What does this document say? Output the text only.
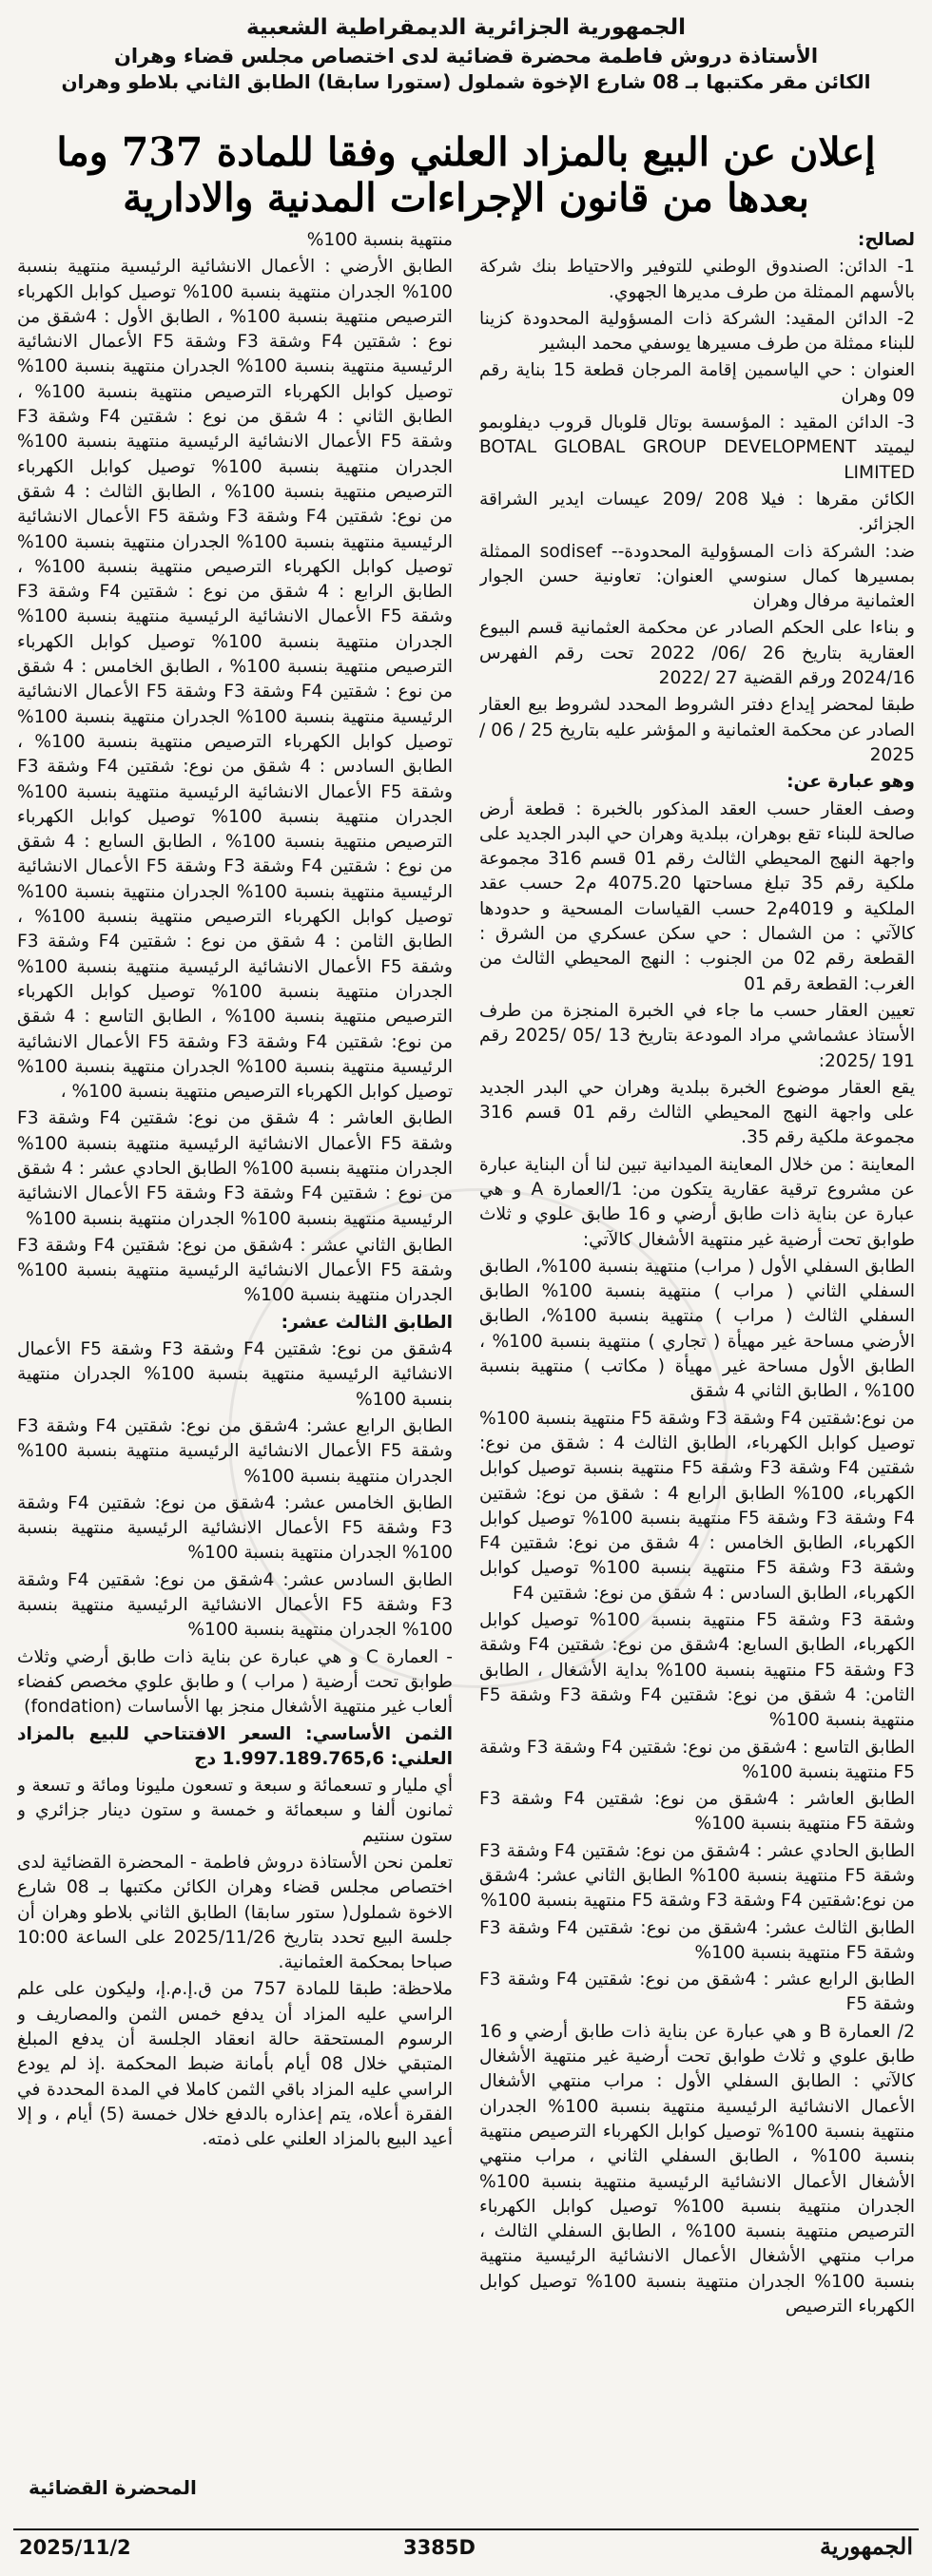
الجمهورية الجزائرية الديمقراطية الشعبية
الأستاذة دروش فاطمة محضرة قضائية لدى اختصاص مجلس قضاء وهران
الكائن مقر مكتبها بـ 08 شارع الإخوة شملول (ستورا سابقا) الطابق الثاني بلاطو وهران
إعلان عن البيع بالمزاد العلني وفقا للمادة 737 وما
بعدها من قانون الإجراءات المدنية والادارية

لصالح:

1- الدائن: الصندوق الوطني للتوفير والاحتياط بنك شركة بالأسهم الممثلة من طرف مديرها الجهوي.

2- الدائن المقيد: الشركة ذات المسؤولية المحدودة كزينا للبناء ممثلة من طرف مسيرها يوسفي محمد البشير

العنوان : حي الياسمين إقامة المرجان قطعة 15 بناية رقم 09 وهران

3- الدائن المقيد : المؤسسة بوتال قلوبال قروب ديفلوبمو ليميتد BOTAL GLOBAL GROUP DEVELOPMENT LIMITED

الكائن مقرها : فيلا 208 /209 عيسات ايدير الشراقة الجزائر.

ضد: الشركة ذات المسؤولية المحدودة-- sodisef الممثلة بمسيرها كمال سنوسي العنوان: تعاونية حسن الجوار العثمانية مرفال وهران

و بناءا على الحكم الصادر عن محكمة العثمانية قسم البيوع العقارية بتاريخ 26 /06/ 2022 تحت رقم الفهرس 2024/16 ورقم القضية 27 /2022

طبقا لمحضر إيداع دفتر الشروط المحدد لشروط بيع العقار الصادر عن محكمة العثمانية و المؤشر عليه بتاريخ 25 / 06 / 2025

وهو عبارة عن:

وصف العقار حسب العقد المذكور بالخبرة : قطعة أرض صالحة للبناء تقع بوهران، ببلدية وهران حي البدر الجديد على واجهة النهج المحيطي الثالث رقم 01 قسم 316 مجموعة ملكية رقم 35 تبلغ مساحتها 4075.20 م2 حسب عقد الملكية و 4019م2 حسب القياسات المسحية و حدودها كالآتي : من الشمال : حي سكن عسكري من الشرق : القطعة رقم 02 من الجنوب : النهج المحيطي الثالث من الغرب: القطعة رقم 01

تعيين العقار حسب ما جاء في الخبرة المنجزة من طرف الأستاذ عشماشي مراد المودعة بتاريخ 13 /05 /2025 رقم 191 /2025:

يقع العقار موضوع الخبرة ببلدية وهران حي البدر الجديد على واجهة النهج المحيطي الثالث رقم 01 قسم 316 مجموعة ملكية رقم 35.

المعاينة : من خلال المعاينة الميدانية تبين لنا أن البناية عبارة عن مشروع ترقية عقارية يتكون من: 1/العمارة A و هي عبارة عن بناية ذات طابق أرضي و 16 طابق علوي و ثلاث طوابق تحت أرضية غير منتهية الأشغال كالآتي:

الطابق السفلي الأول ( مراب) منتهية بنسبة 100%، الطابق السفلي الثاني ( مراب ) منتهية بنسبة 100% الطابق السفلي الثالث ( مراب ) منتهية بنسبة 100%، الطابق الأرضي مساحة غير مهيأة ( تجاري ) منتهية بنسبة 100% ، الطابق الأول مساحة غير مهيأة ( مكاتب ) منتهية بنسبة 100% ، الطابق الثاني 4 شقق

من نوع:شقتين F4 وشقة F3 وشقة F5 منتهية بنسبة 100% توصيل كوابل الكهرباء، الطابق الثالث 4 : شقق من نوع: شقتين F4 وشقة F3 وشقة F5 منتهية بنسبة توصيل كوابل الكهرباء، 100% الطابق الرابع 4 : شقق من نوع: شقتين F4 وشقة F3 وشقة F5 منتهية بنسبة 100% توصيل كوابل الكهرباء، الطابق الخامس : 4 شقق من نوع: شقتين F4 وشقة F3 وشقة F5 منتهية بنسبة 100% توصيل كوابل الكهرباء، الطابق السادس : 4 شقق من نوع: شقتين F4

وشقة F3 وشقة F5 منتهية بنسبة 100% توصيل كوابل الكهرباء، الطابق السابع: 4شقق من نوع: شقتين F4 وشقة F3 وشقة F5 منتهية بنسبة 100% بداية الأشغال ، الطابق الثامن: 4 شقق من نوع: شقتين F4 وشقة F3 وشقة F5 منتهية بنسبة 100%

الطابق التاسع : 4شقق من نوع: شقتين F4 وشقة F3 وشقة F5 منتهية بنسبة 100%

الطابق العاشر : 4شقق من نوع: شقتين F4 وشقة F3 وشقة F5 منتهية بنسبة 100%

الطابق الحادي عشر : 4شقق من نوع: شقتين F4 وشقة F3 وشقة F5 منتهية بنسبة 100% الطابق الثاني عشر: 4شقق من نوع:شقتين F4 وشقة F3 وشقة F5 منتهية بنسبة 100%

الطابق الثالث عشر: 4شقق من نوع: شقتين F4 وشقة F3 وشقة F5 منتهية بنسبة 100%

الطابق الرابع عشر : 4شقق من نوع: شقتين F4 وشقة F3 وشقة F5

2/ العمارة B و هي عبارة عن بناية ذات طابق أرضي و 16 طابق علوي و ثلاث طوابق تحت أرضية غير منتهية الأشغال كالآتي : الطابق السفلي الأول : مراب منتهي الأشغال الأعمال الانشائية الرئيسية منتهية بنسبة 100% الجدران منتهية بنسبة 100% توصيل كوابل الكهرباء الترصيص منتهية بنسبة 100% ، الطابق السفلي الثاني ، مراب منتهي الأشغال الأعمال الانشائية الرئيسية منتهية بنسبة 100% الجدران منتهية بنسبة 100% توصيل كوابل الكهرباء الترصيص منتهية بنسبة 100% ، الطابق السفلي الثالث ، مراب منتهي الأشغال الأعمال الانشائية الرئيسية منتهية بنسبة 100% الجدران منتهية بنسبة 100% توصيل كوابل الكهرباء الترصيص

منتهية بنسبة 100%

الطابق الأرضي : الأعمال الانشائية الرئيسية منتهية بنسبة 100% الجدران منتهية بنسبة 100% توصيل كوابل الكهرباء الترصيص منتهية بنسبة 100% ، الطابق الأول : 4شقق من نوع : شقتين F4 وشقة F3 وشقة F5 الأعمال الانشائية الرئيسية منتهية بنسبة 100% الجدران منتهية بنسبة 100% توصيل كوابل الكهرباء الترصيص منتهية بنسبة 100% ، الطابق الثاني : 4 شقق من نوع : شقتين F4 وشقة F3 وشقة F5 الأعمال الانشائية الرئيسية منتهية بنسبة 100% الجدران منتهية بنسبة 100% توصيل كوابل الكهرباء الترصيص منتهية بنسبة 100% ، الطابق الثالث : 4 شقق من نوع: شقتين F4 وشقة F3 وشقة F5 الأعمال الانشائية الرئيسية منتهية بنسبة 100% الجدران منتهية بنسبة 100% توصيل كوابل الكهرباء الترصيص منتهية بنسبة 100% ، الطابق الرابع : 4 شقق من نوع : شقتين F4 وشقة F3 وشقة F5 الأعمال الانشائية الرئيسية منتهية بنسبة 100% الجدران منتهية بنسبة 100% توصيل كوابل الكهرباء الترصيص منتهية بنسبة 100% ، الطابق الخامس : 4 شقق من نوع : شقتين F4 وشقة F3 وشقة F5 الأعمال الانشائية الرئيسية منتهية بنسبة 100% الجدران منتهية بنسبة 100% توصيل كوابل الكهرباء الترصيص منتهية بنسبة 100% ، الطابق السادس : 4 شقق من نوع: شقتين F4 وشقة F3 وشقة F5 الأعمال الانشائية الرئيسية منتهية بنسبة 100% الجدران منتهية بنسبة 100% توصيل كوابل الكهرباء الترصيص منتهية بنسبة 100% ، الطابق السابع : 4 شقق من نوع : شقتين F4 وشقة F3 وشقة F5 الأعمال الانشائية الرئيسية منتهية بنسبة 100% الجدران منتهية بنسبة 100% توصيل كوابل الكهرباء الترصيص منتهية بنسبة 100% ، الطابق الثامن : 4 شقق من نوع : شقتين F4 وشقة F3 وشقة F5 الأعمال الانشائية الرئيسية منتهية بنسبة 100% الجدران منتهية بنسبة 100% توصيل كوابل الكهرباء الترصيص منتهية بنسبة 100% ، الطابق التاسع : 4 شقق من نوع: شقتين F4 وشقة F3 وشقة F5 الأعمال الانشائية الرئيسية منتهية بنسبة 100% الجدران منتهية بنسبة 100% توصيل كوابل الكهرباء الترصيص منتهية بنسبة 100% ،

الطابق العاشر : 4 شقق من نوع: شقتين F4 وشقة F3 وشقة F5 الأعمال الانشائية الرئيسية منتهية بنسبة 100% الجدران منتهية بنسبة 100% الطابق الحادي عشر : 4 شقق من نوع : شقتين F4 وشقة F3 وشقة F5 الأعمال الانشائية الرئيسية منتهية بنسبة 100% الجدران منتهية بنسبة 100%

الطابق الثاني عشر : 4شقق من نوع: شقتين F4 وشقة F3 وشقة F5 الأعمال الانشائية الرئيسية منتهية بنسبة 100% الجدران منتهية بنسبة 100%

الطابق الثالث عشر:

4شقق من نوع: شقتين F4 وشقة F3 وشقة F5 الأعمال الانشائية الرئيسية منتهية بنسبة 100% الجدران منتهية بنسبة 100%

الطابق الرابع عشر: 4شقق من نوع: شقتين F4 وشقة F3 وشقة F5 الأعمال الانشائية الرئيسية منتهية بنسبة 100% الجدران منتهية بنسبة 100%

الطابق الخامس عشر: 4شقق من نوع: شقتين F4 وشقة F3 وشقة F5 الأعمال الانشائية الرئيسية منتهية بنسبة 100% الجدران منتهية بنسبة 100%

الطابق السادس عشر: 4شقق من نوع: شقتين F4 وشقة F3 وشقة F5 الأعمال الانشائية الرئيسية منتهية بنسبة 100% الجدران منتهية بنسبة 100%

- العمارة C و هي عبارة عن بناية ذات طابق أرضي وثلاث طوابق تحت أرضية ( مراب ) و طابق علوي مخصص كفضاء ألعاب غير منتهية الأشغال منجز بها الأساسات (fondation)

الثمن الأساسي: السعر الافتتاحي للبيع بالمزاد العلني: 1.997.189.765,6 دج

أي مليار و تسعمائة و سبعة و تسعون مليونا ومائة و تسعة و ثمانون ألفا و سبعمائة و خمسة و ستون دينار جزائري و ستون سنتيم

تعلمن نحن الأستاذة دروش فاطمة - المحضرة القضائية لدى اختصاص مجلس قضاء وهران الكائن مكتبها بـ 08 شارع الاخوة شملول( ستور سابقا) الطابق الثاني بلاطو وهران أن جلسة البيع تحدد بتاريخ 2025/11/26 على الساعة 10:00 صباحا بمحكمة العثمانية.

ملاحظة: طبقا للمادة 757 من ق.إ.م.إ، وليكون على علم الراسي عليه المزاد أن يدفع خمس الثمن والمصاريف و الرسوم المستحقة حالة انعقاد الجلسة أن يدفع المبلغ المتبقي خلال 08 أيام بأمانة ضبط المحكمة .إذ لم يودع الراسي عليه المزاد باقي الثمن كاملا في المدة المحددة في الفقرة أعلاه، يتم إعذاره بالدفع خلال خمسة (5) أيام ، و إلا أعيد البيع بالمزاد العلني على ذمته.

المحضرة القضائية
2025/11/2	3385D	الجمهورية
